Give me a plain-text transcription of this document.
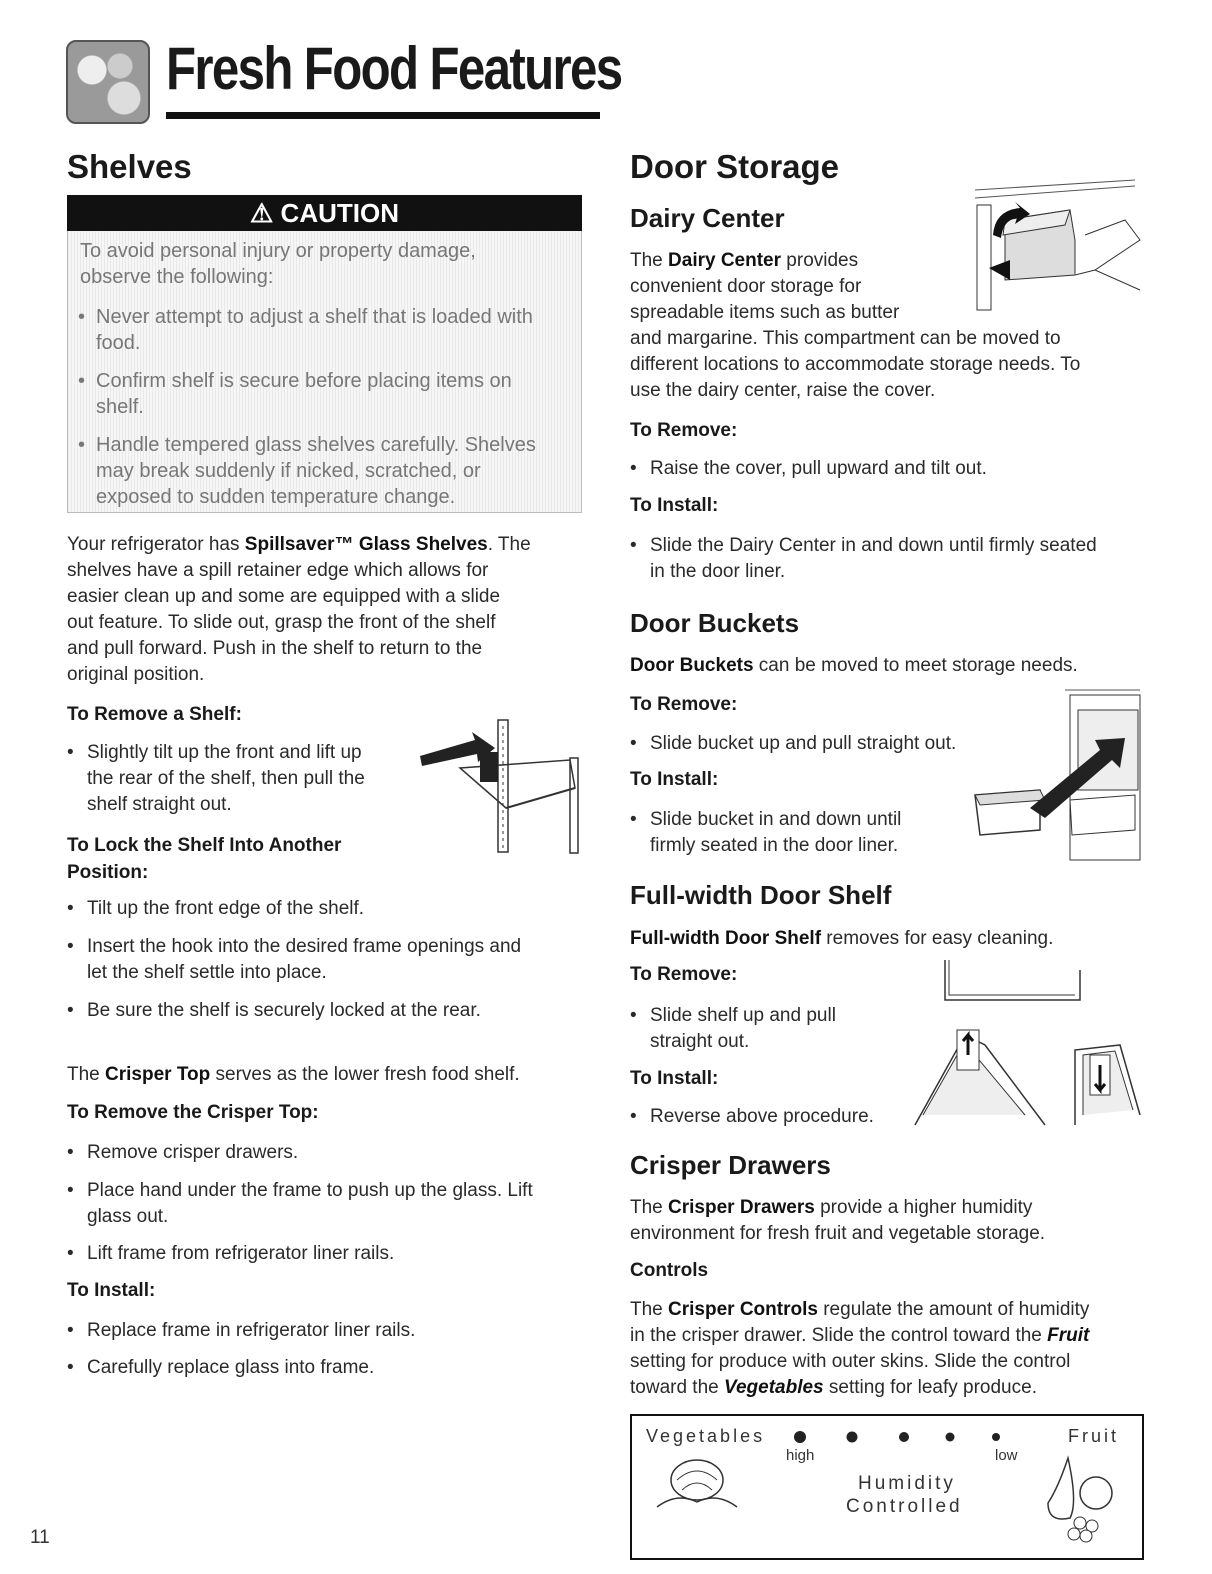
Fresh Food Features
Shelves
⚠ CAUTION
To avoid personal injury or property damage,
observe the following:
• Never attempt to adjust a shelf that is loaded with
food.
• Confirm shelf is secure before placing items on
shelf.
• Handle tempered glass shelves carefully. Shelves
may break suddenly if nicked, scratched, or
exposed to sudden temperature change.
Your refrigerator has Spillsaver™ Glass Shelves. The
shelves have a spill retainer edge which allows for
easier clean up and some are equipped with a slide
out feature. To slide out, grasp the front of the shelf
and pull forward. Push in the shelf to return to the
original position.
To Remove a Shelf:
• Slightly tilt up the front and lift up
the rear of the shelf, then pull the
shelf straight out.
To Lock the Shelf Into Another
Position:
• Tilt up the front edge of the shelf.
• Insert the hook into the desired frame openings and
let the shelf settle into place.
• Be sure the shelf is securely locked at the rear.
The Crisper Top serves as the lower fresh food shelf.
To Remove the Crisper Top:
• Remove crisper drawers.
• Place hand under the frame to push up the glass. Lift
glass out.
• Lift frame from refrigerator liner rails.
To Install:
• Replace frame in refrigerator liner rails.
• Carefully replace glass into frame.
11
Door Storage
Dairy Center
The Dairy Center provides
convenient door storage for
spreadable items such as butter
and margarine. This compartment can be moved to
different locations to accommodate storage needs. To
use the dairy center, raise the cover.
To Remove:
• Raise the cover, pull upward and tilt out.
To Install:
• Slide the Dairy Center in and down until firmly seated
in the door liner.
Door Buckets
Door Buckets can be moved to meet storage needs.
To Remove:
• Slide bucket up and pull straight out.
To Install:
• Slide bucket in and down until
firmly seated in the door liner.
Full-width Door Shelf
Full-width Door Shelf removes for easy cleaning.
To Remove:
• Slide shelf up and pull
straight out.
To Install:
• Reverse above procedure.
Crisper Drawers
The Crisper Drawers provide a higher humidity
environment for fresh fruit and vegetable storage.
Controls
The Crisper Controls regulate the amount of humidity
in the crisper drawer. Slide the control toward the Fruit
setting for produce with outer skins. Slide the control
toward the Vegetables setting for leafy produce.
Vegetables	Fruit
high	low
Humidity
Controlled
